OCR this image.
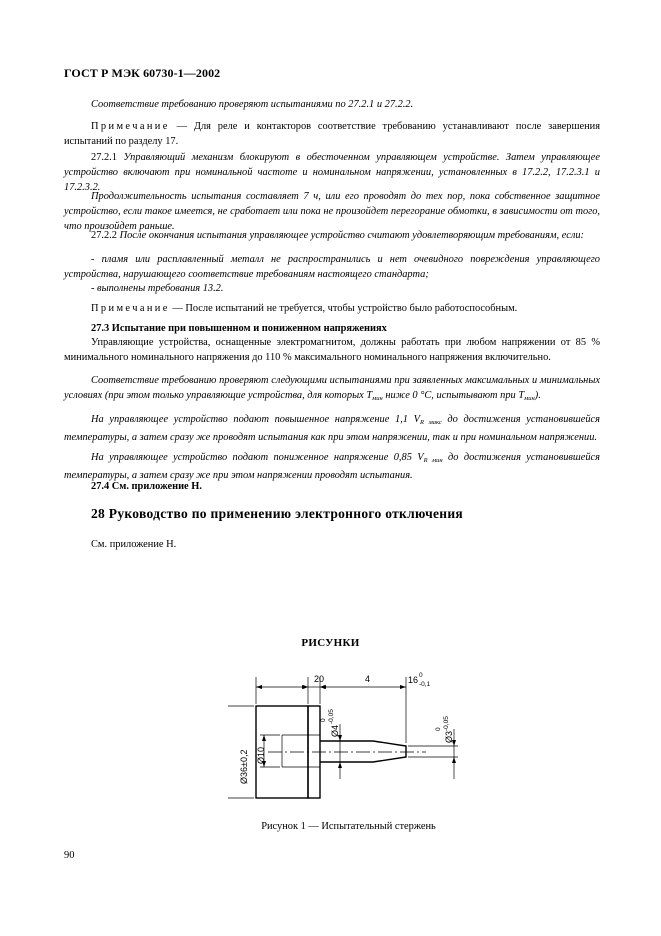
ГОСТ Р МЭК 60730-1—2002
Соответствие требованию проверяют испытаниями по 27.2.1 и 27.2.2.
Примечание — Для реле и контакторов соответствие требованию устанавливают после завершения испытаний по разделу 17.
27.2.1 Управляющий механизм блокируют в обесточенном управляющем устройстве. Затем управляющее устройство включают при номинальной частоте и номинальном напряжении, установленных в 17.2.2, 17.2.3.1 и 17.2.3.2.
Продолжительность испытания составляет 7 ч, или его проводят до тех пор, пока собственное защитное устройство, если такое имеется, не сработает или пока не произойдет перегорание обмотки, в зависимости от того, что произойдет раньше.
27.2.2 После окончания испытания управляющее устройство считают удовлетворяющим требованиям, если:
- пламя или расплавленный металл не распространились и нет очевидного повреждения управляющего устройства, нарушающего соответствие требованиям настоящего стандарта;
- выполнены требования 13.2.
Примечание — После испытаний не требуется, чтобы устройство было работоспособным.
27.3 Испытание при повышенном и пониженном напряжениях
Управляющие устройства, оснащенные электромагнитом, должны работать при любом напряжении от 85 % минимального номинального напряжения до 110 % максимального номинального напряжения включительно.
Соответствие требованию проверяют следующими испытаниями при заявленных максимальных и минимальных условиях (при этом только управляющие устройства, для которых $T_{мин}$ ниже 0 °С, испытывают при $T_{мин}$).
На управляющее устройство подают повышенное напряжение 1,1 $V_{R макс}$ до достижения установившейся температуры, а затем сразу же проводят испытания как при этом напряжении, так и при номинальном напряжении.
На управляющее устройство подают пониженное напряжение 0,85 $V_{R мин}$ до достижения установившейся температуры, а затем сразу же при этом напряжении проводят испытания.
27.4 См. приложение Н.
28 Руководство по применению электронного отключения
См. приложение Н.
РИСУНКИ
20	4	16 0
-0,1
Ø36±0,2 Ø10
Ø4
0 -0,05
Ø3
0 -0,05
Рисунок 1 — Испытательный стержень
90
